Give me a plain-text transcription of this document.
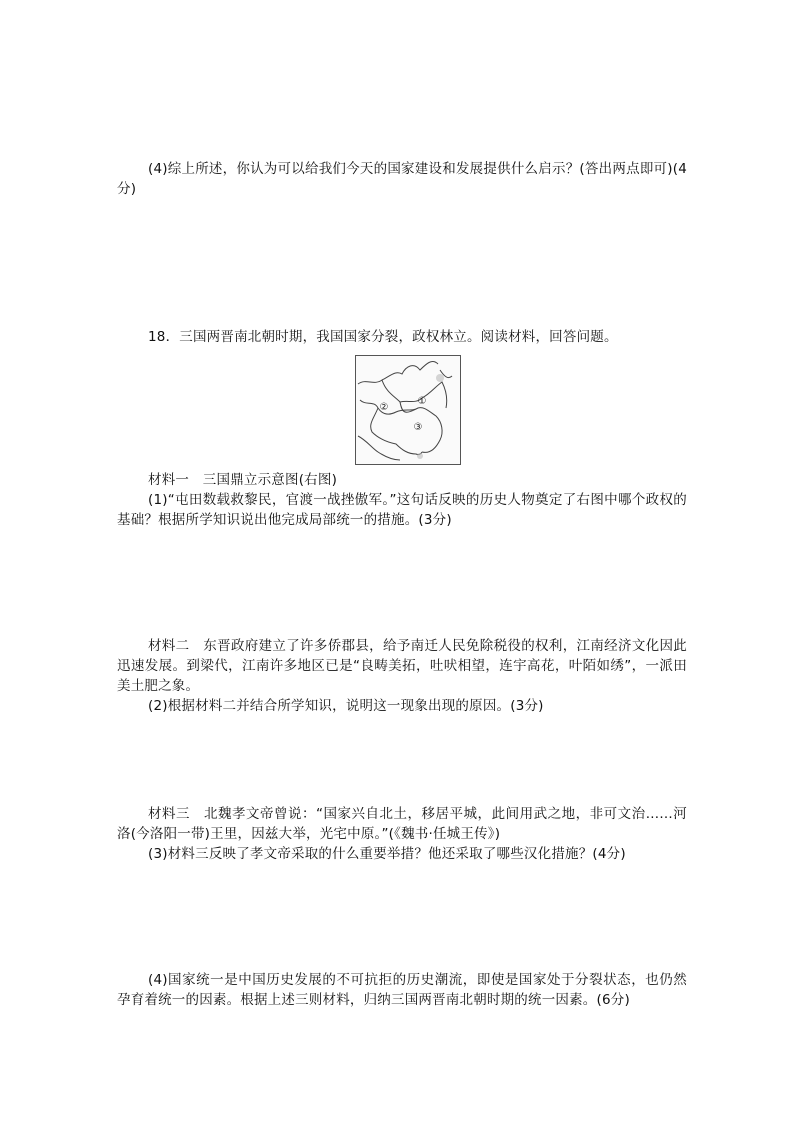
(4)综上所述，你认为可以给我们今天的国家建设和发展提供什么启示？(答出两点即可)(4分)

18．三国两晋南北朝时期，我国国家分裂，政权林立。阅读材料，回答问题。

①
②
③

材料一　三国鼎立示意图(右图)

(1)“屯田数载救黎民，官渡一战挫傲军。”这句话反映的历史人物奠定了右图中哪个政权的基础？根据所学知识说出他完成局部统一的措施。(3分)

材料二　东晋政府建立了许多侨郡县，给予南迁人民免除税役的权利，江南经济文化因此迅速发展。到梁代，江南许多地区已是“良畴美拓，吐吠相望，连宇高花，叶陌如绣”，一派田美土肥之象。

(2)根据材料二并结合所学知识，说明这一现象出现的原因。(3分)

材料三　北魏孝文帝曾说：“国家兴自北土，移居平城，此间用武之地，非可文治……河洛(今洛阳一带)王里，因兹大举，光宅中原。”(《魏书·任城王传》)

(3)材料三反映了孝文帝采取的什么重要举措？他还采取了哪些汉化措施？(4分)

(4)国家统一是中国历史发展的不可抗拒的历史潮流，即使是国家处于分裂状态，也仍然孕育着统一的因素。根据上述三则材料，归纳三国两晋南北朝时期的统一因素。(6分)
